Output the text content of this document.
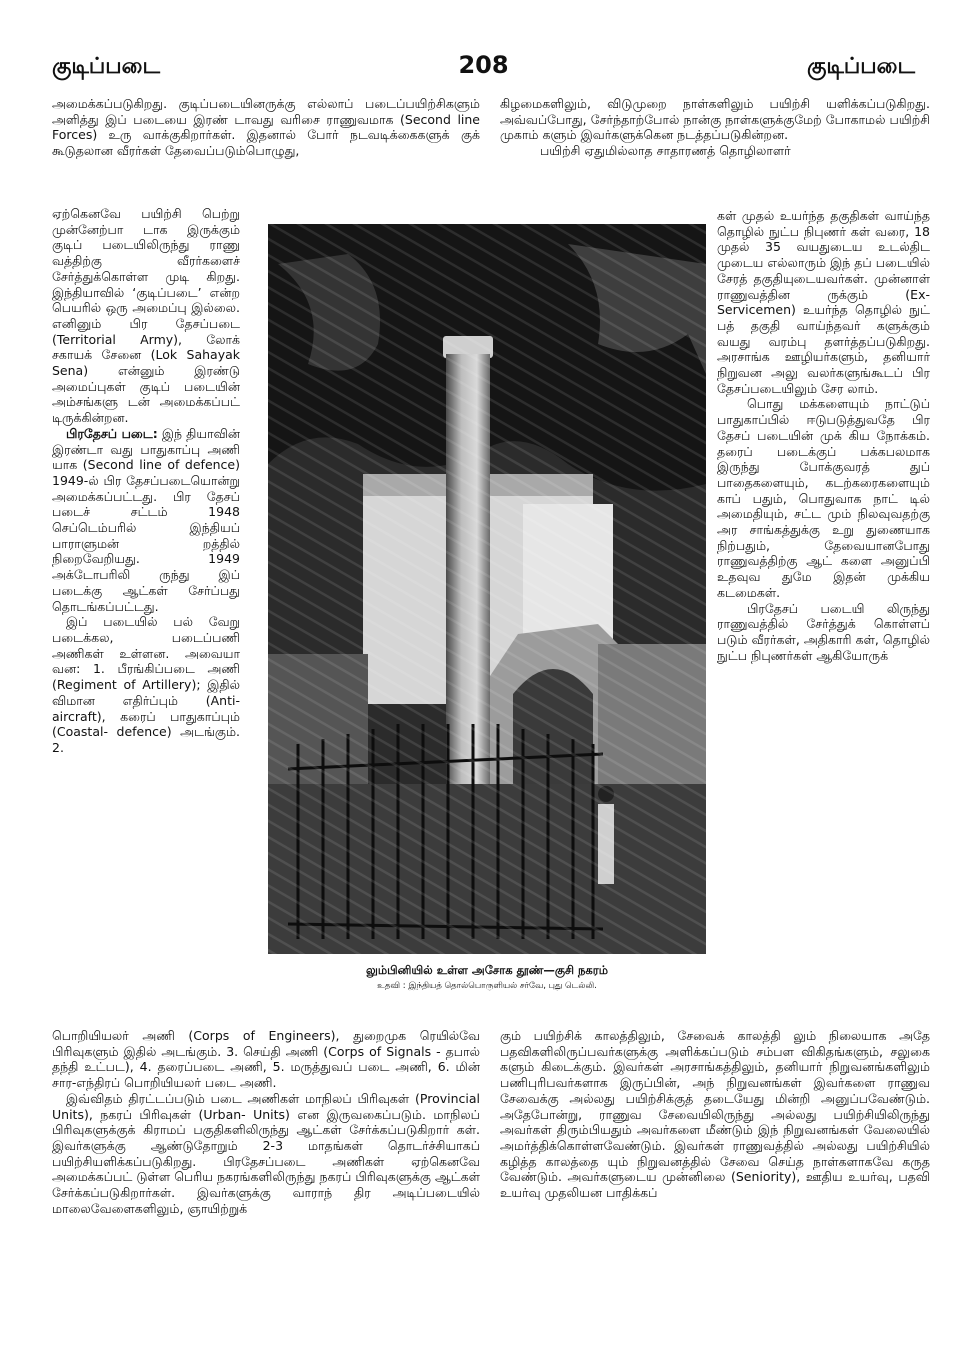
குடிப்படை	208	குடிப்படை

அமைக்கப்படுகிறது. குடிப்படையினருக்கு எல்லாப் படைப்பயிற்சிகளும் அளித்து இப் படையை இரண் டாவது வரிசை ராணுவமாக (Second line Forces) உரு வாக்குகிறார்கள். இதனால் போர் நடவடிக்கைகளுக் குக் கூடுதலான வீரர்கள் தேவைப்படும்பொழுது,

கிழமைகளிலும், விடுமுறை நாள்களிலும் பயிற்சி யளிக்கப்படுகிறது. அவ்வப்போது, சேர்ந்தாற்போல் நான்கு நாள்களுக்குமேற் போகாமல் பயிற்சி முகாம் களும் இவர்களுக்கென நடத்தப்படுகின்றன.

பயிற்சி ஏதுமில்லாத சாதாரணத் தொழிலாளர்

ஏற்கெனவே பயிற்சி பெற்று முன்னேற்பா டாக இருக்கும் குடிப் படையிலிருந்து ராணு வத்திற்கு வீரர்களைச் சேர்த்துக்கொள்ள முடி கிறது. இந்தியாவில் ‘குடிப்படை’ என்ற பெயரில் ஒரு அமைப்பு இல்லை. எனினும் பிர தேசப்படை (Territorial Army), லோக் சகாயக் சேனை (Lok Sahayak Sena) என்னும் இரண்டு அமைப்புகள் குடிப் படையின் அம்சங்களு டன் அமைக்கப்பட் டிருக்கின்றன.

பிரதேசப் படை: இந் தியாவின் இரண்டா வது பாதுகாப்பு அணி யாக (Second line of defence) 1949-ல் பிர தேசப்படையொன்று அமைக்கப்பட்டது. பிர தேசப் படைச் சட்டம் 1948 செப்டெம்பரில் இந்தியப் பாராளுமன் றத்தில் நிறைவேறியது. 1949 அக்டோபரிலி ருந்து இப் படைக்கு ஆட்கள் சேர்ப்பது தொடங்கப்பட்டது.

இப் படையில் பல் வேறு படைக்கல, படைப்பணி அணிகள் உள்ளன. அவையா வன: 1. பீரங்கிப்படை அணி (Regiment of Artillery); இதில் விமான எதிர்ப்பும் (Anti-aircraft), கரைப் பாதுகாப்பும் (Coastal- defence) அடங்கும். 2.

லும்பினியில் உள்ள அசோக தூண்—குசி நகரம்
உதவி : இந்தியத் தொல்பொருளியல் சர்வே, புது டெல்லி.

கள் முதல் உயர்ந்த தகுதிகள் வாய்ந்த தொழில் நுட்ப நிபுணர் கள் வரை, 18 முதல் 35 வயதுடைய உடல்திட முடைய எல்லாரும் இந் தப் படையில் சேரத் தகுதியுடையவர்கள். முன்னாள் ராணுவத்தின ருக்கும் (Ex-Servicemen) உயர்ந்த தொழில் நுட் பத் தகுதி வாய்ந்தவர் களுக்கும் வயது வரம்பு தளர்த்தப்படுகிறது. அரசாங்க ஊழியர்களும், தனியார் நிறுவன அலு வலர்களுங்கூடப் பிர தேசப்படையிலும் சேர லாம்.

பொது மக்களையும் நாட்டுப் பாதுகாப்பில் ஈடுபடுத்துவதே பிர தேசப் படையின் முக் கிய நோக்கம். தரைப் படைக்குப் பக்கபலமாக இருந்து போக்குவரத் துப் பாதைகளையும், கடற்கரைகளையும் காப் பதும், பொதுவாக நாட் டில் அமைதியும், சட்ட மும் நிலவுவதற்கு அர சாங்கத்துக்கு உறு துணையாக நிற்பதும், தேவையானபோது ராணுவத்திற்கு ஆட் களை அனுப்பி உதவுவ துமே இதன் முக்கிய கடமைகள்.

பிரதேசப் படையி லிருந்து ராணுவத்தில் சேர்த்துக் கொள்ளப் படும் வீரர்கள், அதிகாரி கள், தொழில் நுட்ப நிபுணர்கள் ஆகியோருக்

பொறியியலர் அணி (Corps of Engineers), துறைமுக ரெயில்வே பிரிவுகளும் இதில் அடங்கும். 3. செய்தி அணி (Corps of Signals - தபால் தந்தி உட்பட), 4. தரைப்படை அணி, 5. மருத்துவப் படை அணி, 6. மின் சார-எந்திரப் பொறியியலர் படை அணி.

இவ்விதம் திரட்டப்படும் படை அணிகள் மாநிலப் பிரிவுகள் (Provincial Units), நகரப் பிரிவுகள் (Urban- Units) என இருவகைப்படும். மாநிலப் பிரிவுகளுக்குக் கிராமப் பகுதிகளிலிருந்து ஆட்கள் சேர்க்கப்படுகிறார் கள். இவர்களுக்கு ஆண்டுதோறும் 2-3 மாதங்கள் தொடர்ச்சியாகப் பயிற்சியளிக்கப்படுகிறது. பிரதேசப்படை அணிகள் ஏற்கெனவே அமைக்கப்பட் டுள்ள பெரிய நகரங்களிலிருந்து நகரப் பிரிவுகளுக்கு ஆட்கள் சேர்க்கப்படுகிறார்கள். இவர்களுக்கு வாராந் திர அடிப்படையில் மாலைவேளைகளிலும், ஞாயிற்றுக்

கும் பயிற்சிக் காலத்திலும், சேவைக் காலத்தி லும் நிலையாக அதே பதவிகளிலிருப்பவர்களுக்கு அளிக்கப்படும் சம்பள விகிதங்களும், சலுகை களும் கிடைக்கும். இவர்கள் அரசாங்கத்திலும், தனியார் நிறுவனங்களிலும் பணிபுரிபவர்களாக இருப்பின், அந் நிறுவனங்கள் இவர்களை ராணுவ சேவைக்கு அல்லது பயிற்சிக்குத் தடையேது மின்றி அனுப்பவேண்டும். அதேபோன்று, ராணுவ சேவையிலிருந்து அல்லது பயிற்சியிலிருந்து அவர்கள் திரும்பியதும் அவர்களை மீண்டும் இந் நிறுவனங்கள் வேலையில் அமர்த்திக்கொள்ளவேண்டும். இவர்கள் ராணுவத்தில் அல்லது பயிற்சியில் கழித்த காலத்தை யும் நிறுவனத்தில் சேவை செய்த நாள்களாகவே கருத வேண்டும். அவர்களுடைய முன்னிலை (Seniority), ஊதிய உயர்வு, பதவி உயர்வு முதலியன பாதிக்கப்
